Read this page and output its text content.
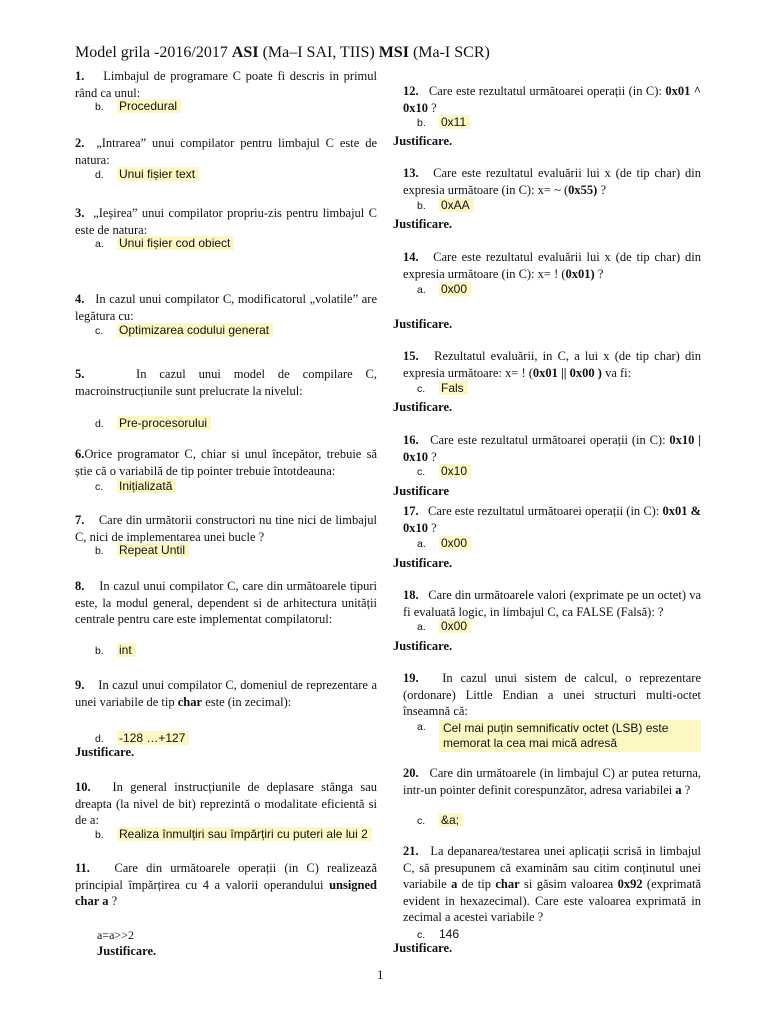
Model grila -2016/2017 ASI (Ma–I SAI, TIIS) MSI (Ma-I SCR)
1. Limbajul de programare C poate fi descris in primul rând ca unul:
b. Procedural
2. „Intrarea” unui compilator pentru limbajul C este de natura:
d. Unui fișier text
3. „Ieșirea” unui compilator propriu-zis pentru limbajul C este de natura:
a. Unui fișier cod obiect
4. In cazul unui compilator C, modificatorul „volatile” are legătura cu:
c. Optimizarea codului generat
5.	In cazul unui model de compilare C, macroinstrucțiunile sunt prelucrate la nivelul:
d. Pre-procesorului
6.Orice programator C, chiar si unul începător, trebuie să știe că o variabilă de tip pointer trebuie întotdeauna:
c. Inițializată
7. Care din următorii constructori nu tine nici de limbajul C, nici de implementarea unei bucle ?
b. Repeat Until
8. In cazul unui compilator C, care din următoarele tipuri este, la modul general, dependent si de arhitectura unității centrale pentru care este implementat compilatorul:
b. int
9. In cazul unui compilator C, domeniul de reprezentare a unei variabile de tip char este (in zecimal):
d. -128 …+127
Justificare.
10. In general instrucțiunile de deplasare stânga sau dreapta (la nivel de bit) reprezintă o modalitate eficientă si de a:
b. Realiza înmulțiri sau împărțiri cu puteri ale lui 2
11. Care din următoarele operații (in C) realizează principial împărțirea cu 4 a valorii operandului unsigned char a ?
a=a>>2
Justificare.
12. Care este rezultatul următoarei operații (in C): 0x01 ^ 0x10 ?
b. 0x11
Justificare.
13. Care este rezultatul evaluării lui x (de tip char) din expresia următoare (in C): x= ~ (0x55) ?
b. 0xAA
Justificare.
14. Care este rezultatul evaluării lui x (de tip char) din expresia următoare (in C): x= ! (0x01) ?
a. 0x00
Justificare.
15. Rezultatul evaluării, in C, a lui x (de tip char) din expresia următoare: x= ! (0x01 || 0x00 ) va fi:
c. Fals
Justificare.
16. Care este rezultatul următoarei operații (in C): 0x10 | 0x10 ?
c. 0x10
Justificare
17. Care este rezultatul următoarei operații (in C): 0x01 & 0x10 ?
a. 0x00
Justificare.
18. Care din următoarele valori (exprimate pe un octet) va fi evaluată logic, in limbajul C, ca FALSE (Falsă): ?
a. 0x00
Justificare.
19. In cazul unui sistem de calcul, o reprezentare (ordonare) Little Endian a unei structuri multi-octet înseamnă că:
a.	Cel mai puțin semnificativ octet (LSB) este memorat la cea mai mică adresă
20. Care din următoarele (in limbajul C) ar putea returna, intr-un pointer definit corespunzător, adresa variabilei a ?
c. &a;
21. La depanarea/testarea unei aplicații scrisă in limbajul C, să presupunem că examinăm sau citim conținutul unei variabile a de tip char si găsim valoarea 0x92 (exprimată evident in hexazecimal). Care este valoarea exprimată in zecimal a acestei variabile ?
c. 146
Justificare.
1
